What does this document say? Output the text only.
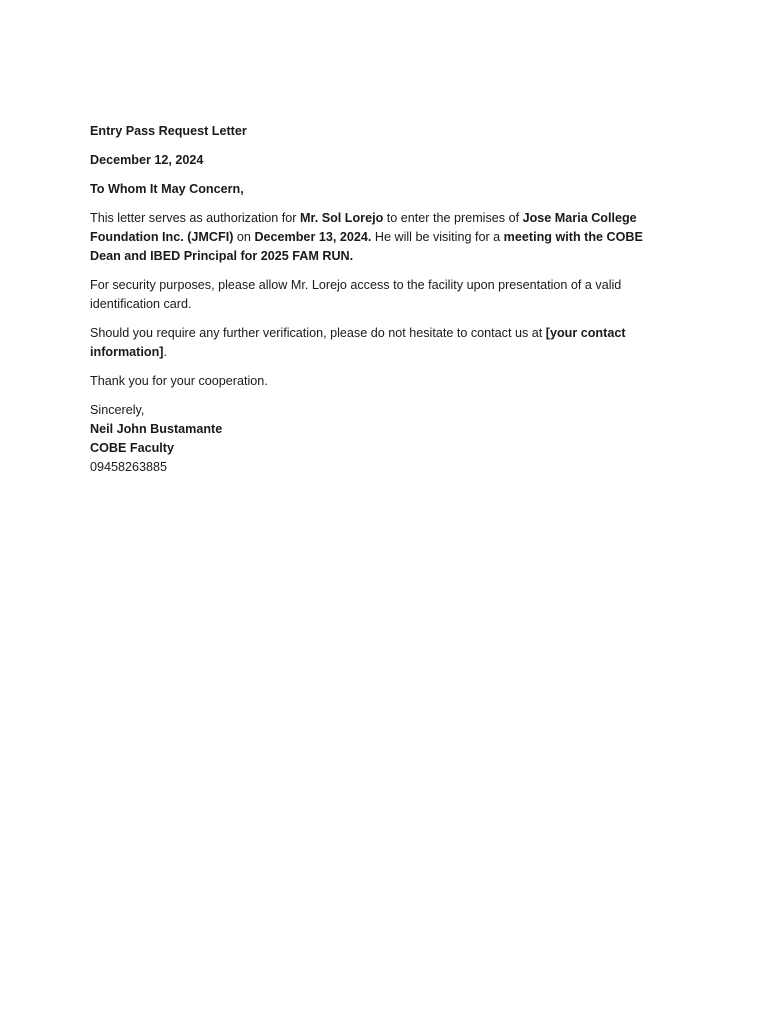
Entry Pass Request Letter

December 12, 2024

To Whom It May Concern,

This letter serves as authorization for Mr. Sol Lorejo to enter the premises of Jose Maria College Foundation Inc. (JMCFI) on December 13, 2024. He will be visiting for a meeting with the COBE Dean and IBED Principal for 2025 FAM RUN.

For security purposes, please allow Mr. Lorejo access to the facility upon presentation of a valid identification card.

Should you require any further verification, please do not hesitate to contact us at [your contact information].

Thank you for your cooperation.

Sincerely,
Neil John Bustamante
COBE Faculty
09458263885
